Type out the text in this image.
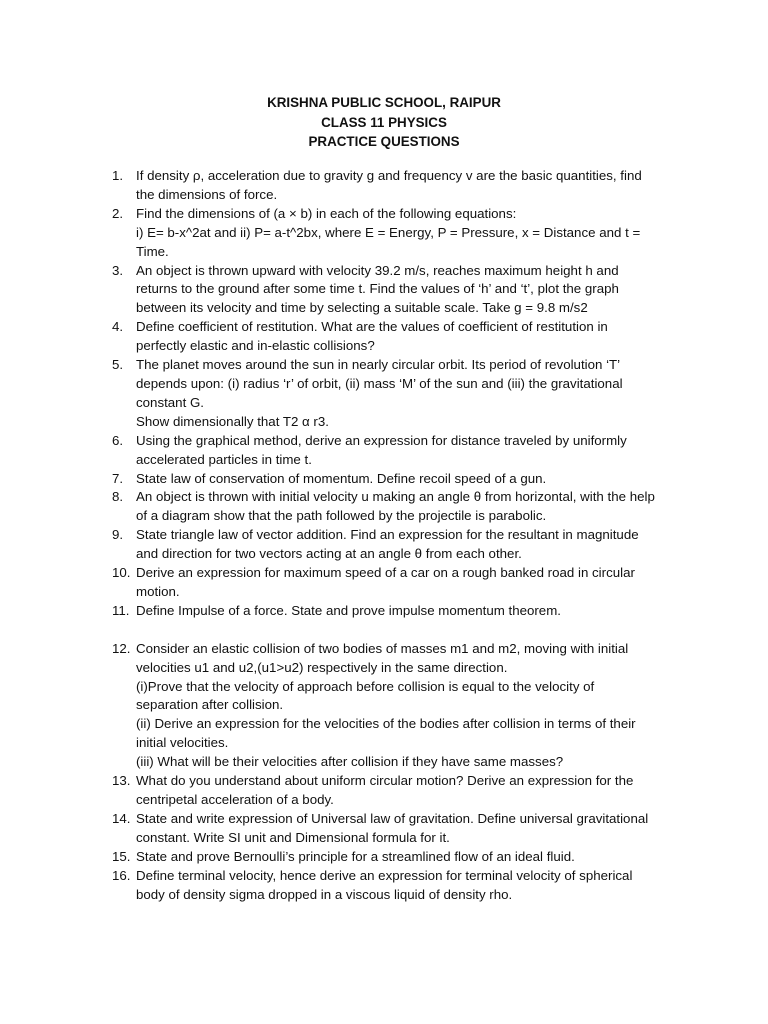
KRISHNA PUBLIC SCHOOL, RAIPUR
CLASS 11 PHYSICS
PRACTICE QUESTIONS
1. If density ρ, acceleration due to gravity g and frequency v are the basic quantities, find

the dimensions of force.

2. Find the dimensions of (a × b) in each of the following equations:

i) E= b-x^2at and ii) P= a-t^2bx, where E = Energy, P = Pressure, x = Distance and t =

Time.

3. An object is thrown upward with velocity 39.2 m/s, reaches maximum height h and

returns to the ground after some time t. Find the values of ‘h’ and ‘t’, plot the graph

between its velocity and time by selecting a suitable scale. Take g = 9.8 m/s2

4. Define coefficient of restitution. What are the values of coefficient of restitution in

perfectly elastic and in-elastic collisions?

5. The planet moves around the sun in nearly circular orbit. Its period of revolution ‘T’

depends upon: (i) radius ‘r’ of orbit, (ii) mass ‘M’ of the sun and (iii) the gravitational

constant G.

Show dimensionally that T2 α r3.

6. Using the graphical method, derive an expression for distance traveled by uniformly

accelerated particles in time t.

7. State law of conservation of momentum. Define recoil speed of a gun.

8. An object is thrown with initial velocity u making an angle θ from horizontal, with the help

of a diagram show that the path followed by the projectile is parabolic.

9. State triangle law of vector addition. Find an expression for the resultant in magnitude

and direction for two vectors acting at an angle θ from each other.

10. Derive an expression for maximum speed of a car on a rough banked road in circular

motion.

11. Define Impulse of a force. State and prove impulse momentum theorem.

12. Consider an elastic collision of two bodies of masses m1 and m2, moving with initial

velocities u1 and u2,(u1>u2) respectively in the same direction.

(i)Prove that the velocity of approach before collision is equal to the velocity of

separation after collision.

(ii) Derive an expression for the velocities of the bodies after collision in terms of their

initial velocities.

(iii) What will be their velocities after collision if they have same masses?

13. What do you understand about uniform circular motion? Derive an expression for the

centripetal acceleration of a body.

14. State and write expression of Universal law of gravitation. Define universal gravitational

constant. Write SI unit and Dimensional formula for it.

15. State and prove Bernoulli’s principle for a streamlined flow of an ideal fluid.

16. Define terminal velocity, hence derive an expression for terminal velocity of spherical

body of density sigma dropped in a viscous liquid of density rho.
